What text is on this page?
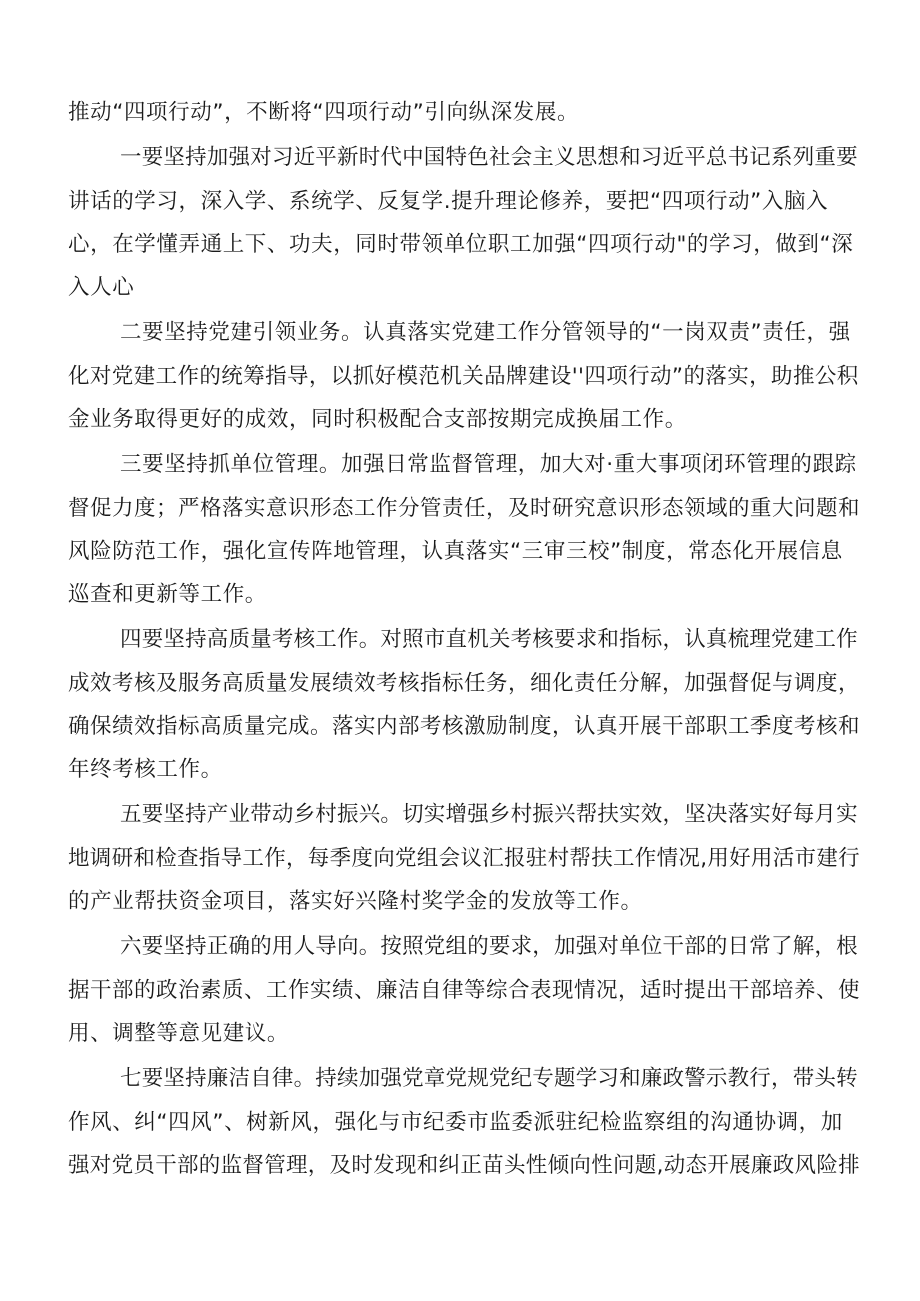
推动“四项行动”，不断将“四项行动”引向纵深发展。

一要坚持加强对习近平新时代中国特色社会主义思想和习近平总书记系列重要

讲话的学习，深入学、系统学、反复学.提升理论修养，要把“四项行动”入脑入

心，在学懂弄通上下、功夫，同时带领单位职工加强“四项行动"的学习，做到“深

入人心

二要坚持党建引领业务。认真落实党建工作分管领导的“一岗双责”责任，强

化对党建工作的统筹指导，以抓好模范机关品牌建设''四项行动”的落实，助推公积

金业务取得更好的成效，同时积极配合支部按期完成换届工作。

三要坚持抓单位管理。加强日常监督管理，加大对·重大事项闭环管理的跟踪

督促力度；严格落实意识形态工作分管责任，及时研究意识形态领域的重大问题和

风险防范工作，强化宣传阵地管理，认真落实“三审三校”制度，常态化开展信息

巡查和更新等工作。

四要坚持高质量考核工作。对照市直机关考核要求和指标，认真梳理党建工作

成效考核及服务高质量发展绩效考核指标任务，细化责任分解，加强督促与调度，

确保绩效指标高质量完成。落实内部考核激励制度，认真开展干部职工季度考核和

年终考核工作。

五要坚持产业带动乡村振兴。切实增强乡村振兴帮扶实效，坚决落实好每月实

地调研和检查指导工作，每季度向党组会议汇报驻村帮扶工作情况,用好用活市建行

的产业帮扶资金项目，落实好兴隆村奖学金的发放等工作。

六要坚持正确的用人导向。按照党组的要求，加强对单位干部的日常了解，根

据干部的政治素质、工作实绩、廉洁自律等综合表现情况，适时提出干部培养、使

用、调整等意见建议。

七要坚持廉洁自律。持续加强党章党规党纪专题学习和廉政警示教行，带头转

作风、纠“四风”、树新风，强化与市纪委市监委派驻纪检监察组的沟通协调，加

强对党员干部的监督管理，及时发现和纠正苗头性倾向性问题,动态开展廉政风险排
